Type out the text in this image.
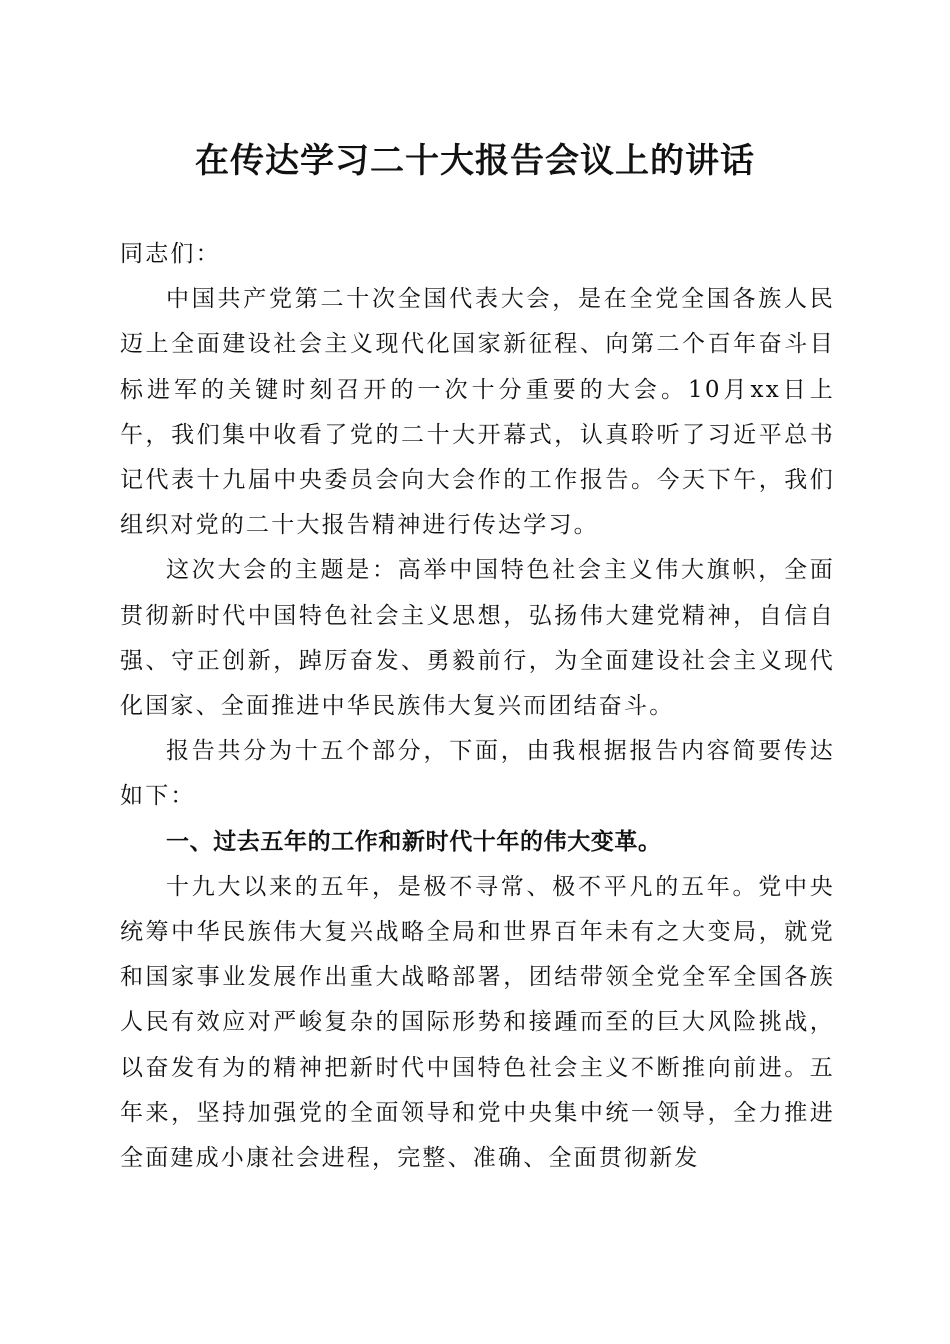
在传达学习二十大报告会议上的讲话

同志们：

中国共产党第二十次全国代表大会，是在全党全国各族人民迈上全面建设社会主义现代化国家新征程、向第二个百年奋斗目标进军的关键时刻召开的一次十分重要的大会。10月xx日上午，我们集中收看了党的二十大开幕式，认真聆听了习近平总书记代表十九届中央委员会向大会作的工作报告。今天下午，我们组织对党的二十大报告精神进行传达学习。

这次大会的主题是：高举中国特色社会主义伟大旗帜，全面贯彻新时代中国特色社会主义思想，弘扬伟大建党精神，自信自强、守正创新，踔厉奋发、勇毅前行，为全面建设社会主义现代化国家、全面推进中华民族伟大复兴而团结奋斗。

报告共分为十五个部分，下面，由我根据报告内容简要传达如下：

一、过去五年的工作和新时代十年的伟大变革。

十九大以来的五年，是极不寻常、极不平凡的五年。党中央统筹中华民族伟大复兴战略全局和世界百年未有之大变局，就党和国家事业发展作出重大战略部署，团结带领全党全军全国各族人民有效应对严峻复杂的国际形势和接踵而至的巨大风险挑战，以奋发有为的精神把新时代中国特色社会主义不断推向前进。五年来，坚持加强党的全面领导和党中央集中统一领导，全力推进全面建成小康社会进程，完整、准确、全面贯彻新发
